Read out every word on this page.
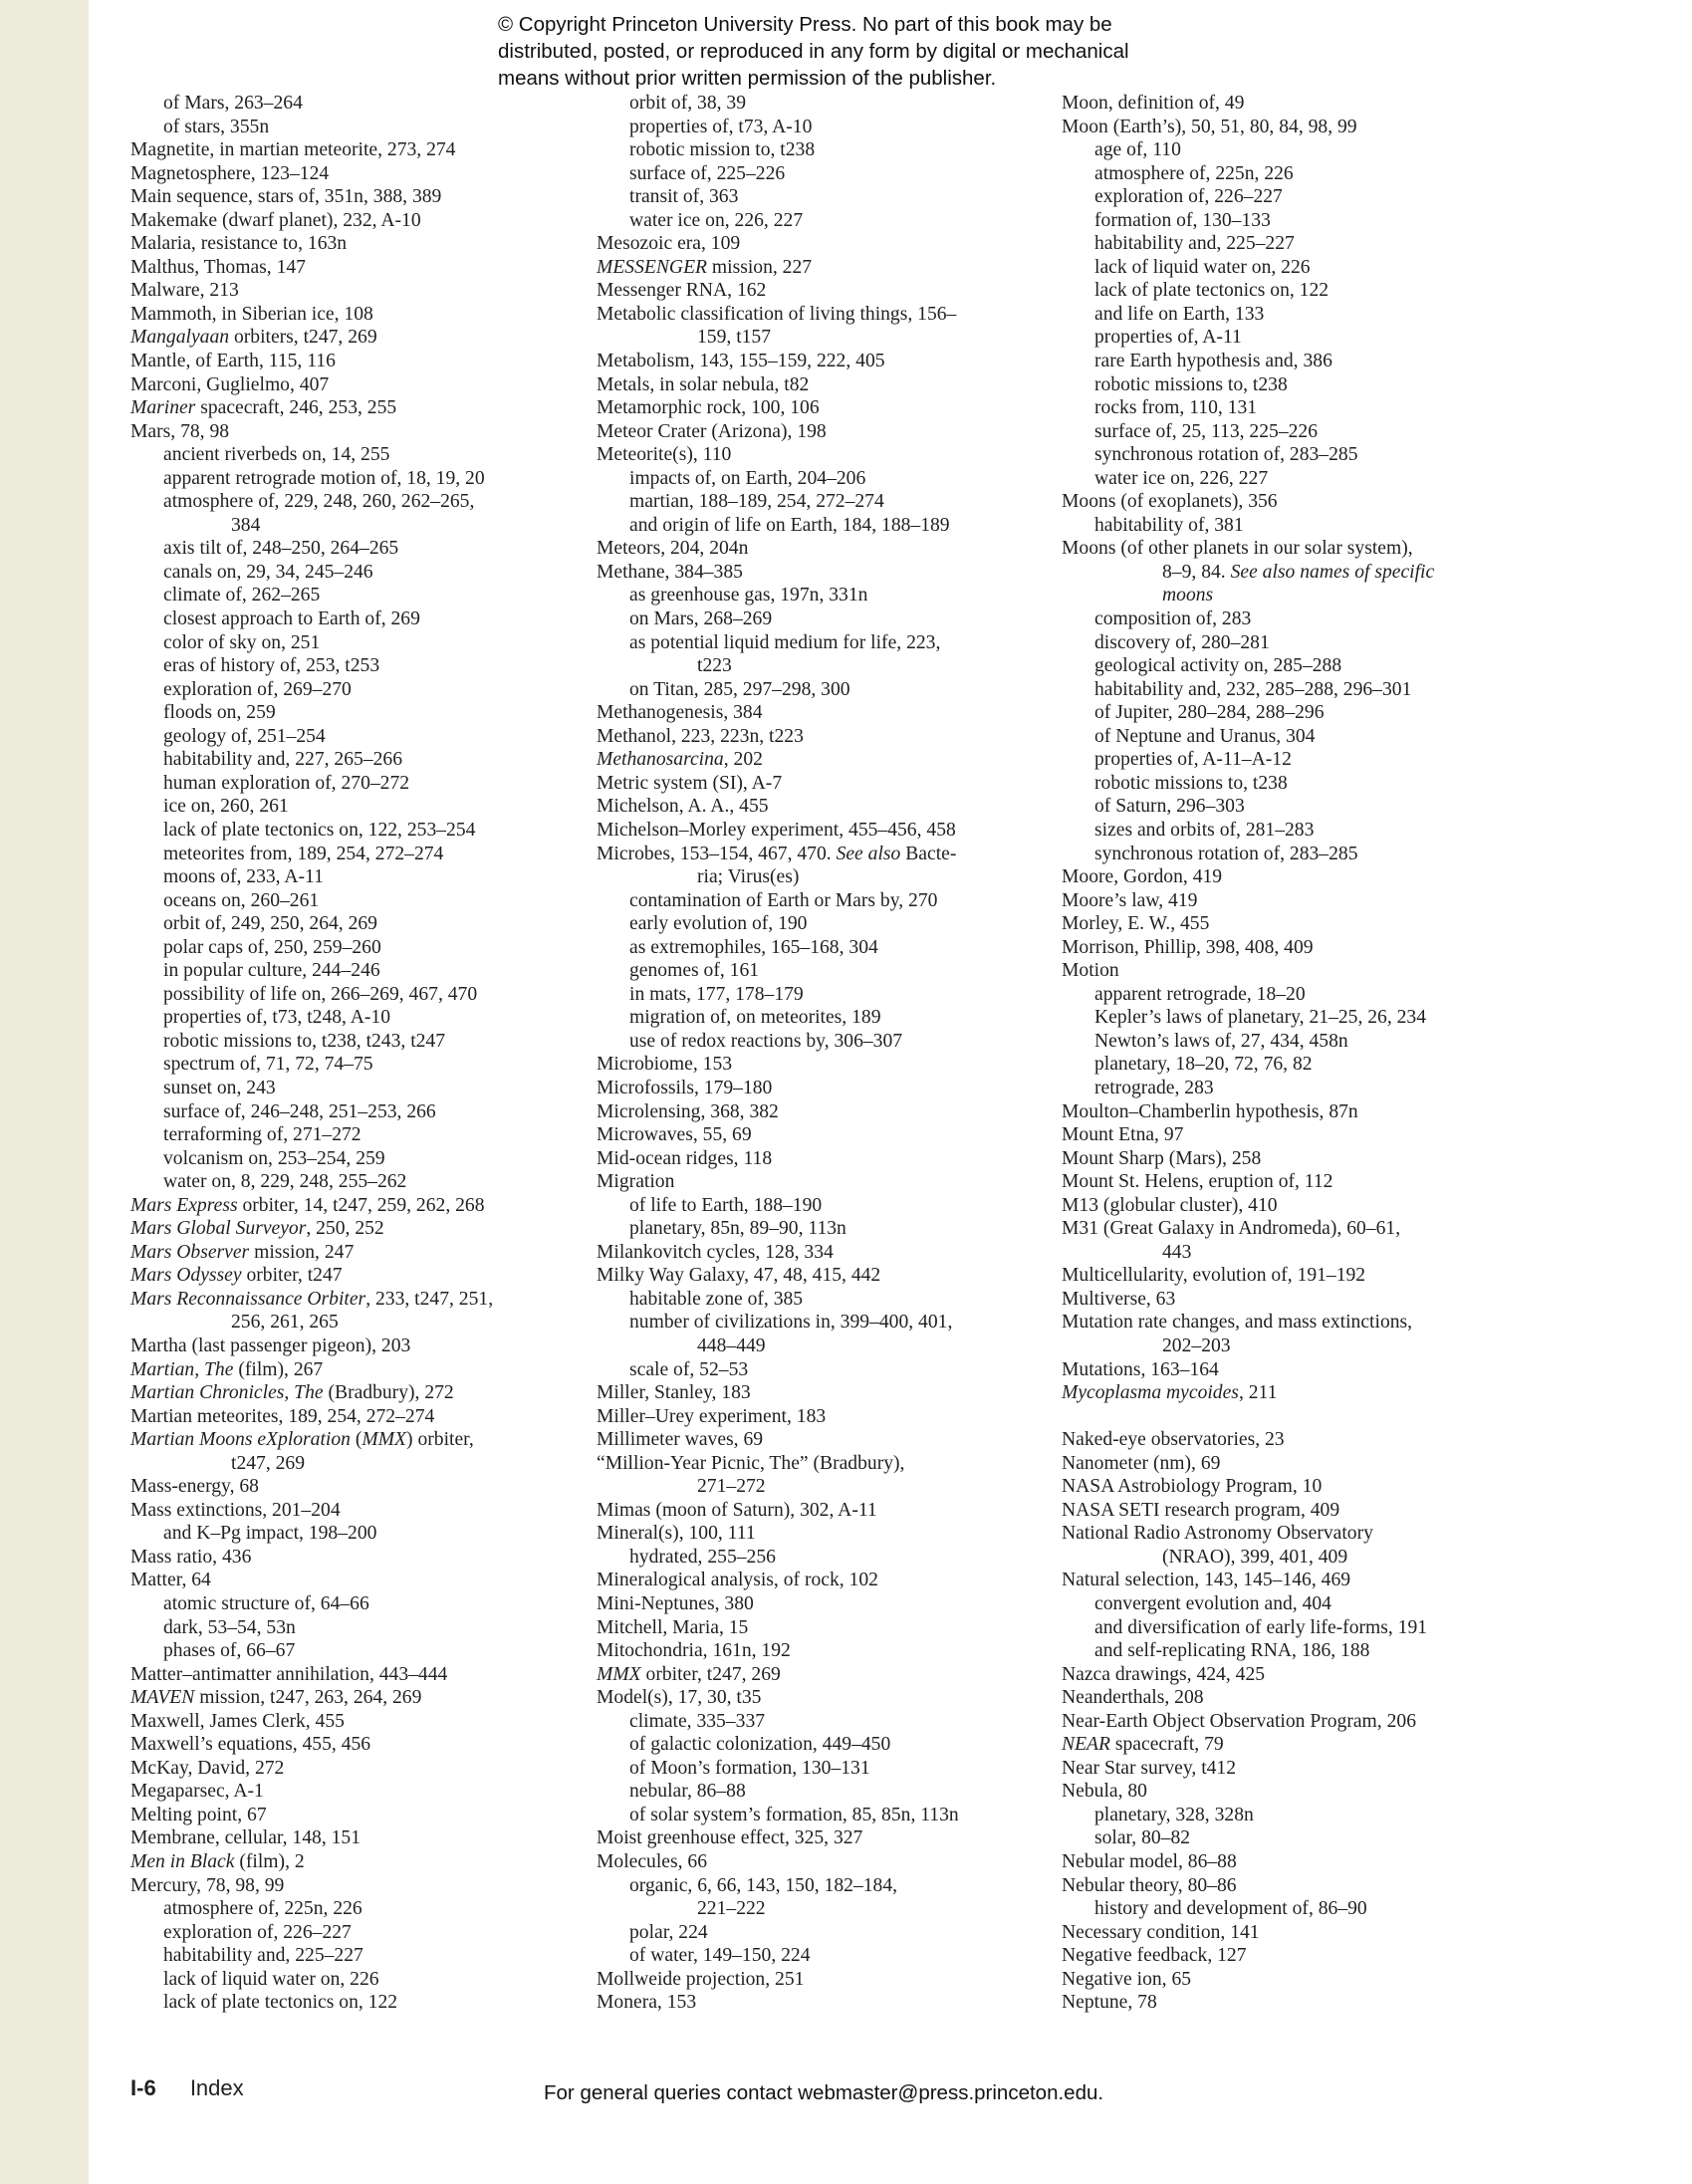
© Copyright Princeton University Press. No part of this book may be
distributed, posted, or reproduced in any form by digital or mechanical
means without prior written permission of the publisher.
of Mars, 263–264
of stars, 355n
Magnetite, in martian meteorite, 273, 274
Magnetosphere, 123–124
Main sequence, stars of, 351n, 388, 389
Makemake (dwarf planet), 232, A-10
Malaria, resistance to, 163n
Malthus, Thomas, 147
Malware, 213
Mammoth, in Siberian ice, 108
Mangalyaan orbiters, t247, 269
Mantle, of Earth, 115, 116
Marconi, Guglielmo, 407
Mariner spacecraft, 246, 253, 255
Mars, 78, 98
ancient riverbeds on, 14, 255
apparent retrograde motion of, 18, 19, 20
atmosphere of, 229, 248, 260, 262–265,
384
axis tilt of, 248–250, 264–265
canals on, 29, 34, 245–246
climate of, 262–265
closest approach to Earth of, 269
color of sky on, 251
eras of history of, 253, t253
exploration of, 269–270
floods on, 259
geology of, 251–254
habitability and, 227, 265–266
human exploration of, 270–272
ice on, 260, 261
lack of plate tectonics on, 122, 253–254
meteorites from, 189, 254, 272–274
moons of, 233, A-11
oceans on, 260–261
orbit of, 249, 250, 264, 269
polar caps of, 250, 259–260
in popular culture, 244–246
possibility of life on, 266–269, 467, 470
properties of, t73, t248, A-10
robotic missions to, t238, t243, t247
spectrum of, 71, 72, 74–75
sunset on, 243
surface of, 246–248, 251–253, 266
terraforming of, 271–272
volcanism on, 253–254, 259
water on, 8, 229, 248, 255–262
Mars Express orbiter, 14, t247, 259, 262, 268
Mars Global Surveyor, 250, 252
Mars Observer mission, 247
Mars Odyssey orbiter, t247
Mars Reconnaissance Orbiter, 233, t247, 251,
256, 261, 265
Martha (last passenger pigeon), 203
Martian, The (film), 267
Martian Chronicles, The (Bradbury), 272
Martian meteorites, 189, 254, 272–274
Martian Moons eXploration (MMX) orbiter,
t247, 269
Mass-energy, 68
Mass extinctions, 201–204
and K–Pg impact, 198–200
Mass ratio, 436
Matter, 64
atomic structure of, 64–66
dark, 53–54, 53n
phases of, 66–67
Matter–antimatter annihilation, 443–444
MAVEN mission, t247, 263, 264, 269
Maxwell, James Clerk, 455
Maxwell’s equations, 455, 456
McKay, David, 272
Megaparsec, A-1
Melting point, 67
Membrane, cellular, 148, 151
Men in Black (film), 2
Mercury, 78, 98, 99
atmosphere of, 225n, 226
exploration of, 226–227
habitability and, 225–227
lack of liquid water on, 226
lack of plate tectonics on, 122
orbit of, 38, 39
properties of, t73, A-10
robotic mission to, t238
surface of, 225–226
transit of, 363
water ice on, 226, 227
Mesozoic era, 109
MESSENGER mission, 227
Messenger RNA, 162
Metabolic classification of living things, 156–
159, t157
Metabolism, 143, 155–159, 222, 405
Metals, in solar nebula, t82
Metamorphic rock, 100, 106
Meteor Crater (Arizona), 198
Meteorite(s), 110
impacts of, on Earth, 204–206
martian, 188–189, 254, 272–274
and origin of life on Earth, 184, 188–189
Meteors, 204, 204n
Methane, 384–385
as greenhouse gas, 197n, 331n
on Mars, 268–269
as potential liquid medium for life, 223,
t223
on Titan, 285, 297–298, 300
Methanogenesis, 384
Methanol, 223, 223n, t223
Methanosarcina, 202
Metric system (SI), A-7
Michelson, A. A., 455
Michelson–Morley experiment, 455–456, 458
Microbes, 153–154, 467, 470. See also Bacte-
ria; Virus(es)
contamination of Earth or Mars by, 270
early evolution of, 190
as extremophiles, 165–168, 304
genomes of, 161
in mats, 177, 178–179
migration of, on meteorites, 189
use of redox reactions by, 306–307
Microbiome, 153
Microfossils, 179–180
Microlensing, 368, 382
Microwaves, 55, 69
Mid-ocean ridges, 118
Migration
of life to Earth, 188–190
planetary, 85n, 89–90, 113n
Milankovitch cycles, 128, 334
Milky Way Galaxy, 47, 48, 415, 442
habitable zone of, 385
number of civilizations in, 399–400, 401,
448–449
scale of, 52–53
Miller, Stanley, 183
Miller–Urey experiment, 183
Millimeter waves, 69
“Million-Year Picnic, The” (Bradbury),
271–272
Mimas (moon of Saturn), 302, A-11
Mineral(s), 100, 111
hydrated, 255–256
Mineralogical analysis, of rock, 102
Mini-Neptunes, 380
Mitchell, Maria, 15
Mitochondria, 161n, 192
MMX orbiter, t247, 269
Model(s), 17, 30, t35
climate, 335–337
of galactic colonization, 449–450
of Moon’s formation, 130–131
nebular, 86–88
of solar system’s formation, 85, 85n, 113n
Moist greenhouse effect, 325, 327
Molecules, 66
organic, 6, 66, 143, 150, 182–184,
221–222
polar, 224
of water, 149–150, 224
Mollweide projection, 251
Monera, 153
Moon, definition of, 49
Moon (Earth’s), 50, 51, 80, 84, 98, 99
age of, 110
atmosphere of, 225n, 226
exploration of, 226–227
formation of, 130–133
habitability and, 225–227
lack of liquid water on, 226
lack of plate tectonics on, 122
and life on Earth, 133
properties of, A-11
rare Earth hypothesis and, 386
robotic missions to, t238
rocks from, 110, 131
surface of, 25, 113, 225–226
synchronous rotation of, 283–285
water ice on, 226, 227
Moons (of exoplanets), 356
habitability of, 381
Moons (of other planets in our solar system),
8–9, 84. See also names of specific
moons
composition of, 283
discovery of, 280–281
geological activity on, 285–288
habitability and, 232, 285–288, 296–301
of Jupiter, 280–284, 288–296
of Neptune and Uranus, 304
properties of, A-11–A-12
robotic missions to, t238
of Saturn, 296–303
sizes and orbits of, 281–283
synchronous rotation of, 283–285
Moore, Gordon, 419
Moore’s law, 419
Morley, E. W., 455
Morrison, Phillip, 398, 408, 409
Motion
apparent retrograde, 18–20
Kepler’s laws of planetary, 21–25, 26, 234
Newton’s laws of, 27, 434, 458n
planetary, 18–20, 72, 76, 82
retrograde, 283
Moulton–Chamberlin hypothesis, 87n
Mount Etna, 97
Mount Sharp (Mars), 258
Mount St. Helens, eruption of, 112
M13 (globular cluster), 410
M31 (Great Galaxy in Andromeda), 60–61,
443
Multicellularity, evolution of, 191–192
Multiverse, 63
Mutation rate changes, and mass extinctions,
202–203
Mutations, 163–164
Mycoplasma mycoides, 211
Naked-eye observatories, 23
Nanometer (nm), 69
NASA Astrobiology Program, 10
NASA SETI research program, 409
National Radio Astronomy Observatory
(NRAO), 399, 401, 409
Natural selection, 143, 145–146, 469
convergent evolution and, 404
and diversification of early life-forms, 191
and self-replicating RNA, 186, 188
Nazca drawings, 424, 425
Neanderthals, 208
Near-Earth Object Observation Program, 206
NEAR spacecraft, 79
Near Star survey, t412
Nebula, 80
planetary, 328, 328n
solar, 80–82
Nebular model, 86–88
Nebular theory, 80–86
history and development of, 86–90
Necessary condition, 141
Negative feedback, 127
Negative ion, 65
Neptune, 78
I-6 Index	For general queries contact webmaster@press.princeton.edu.
